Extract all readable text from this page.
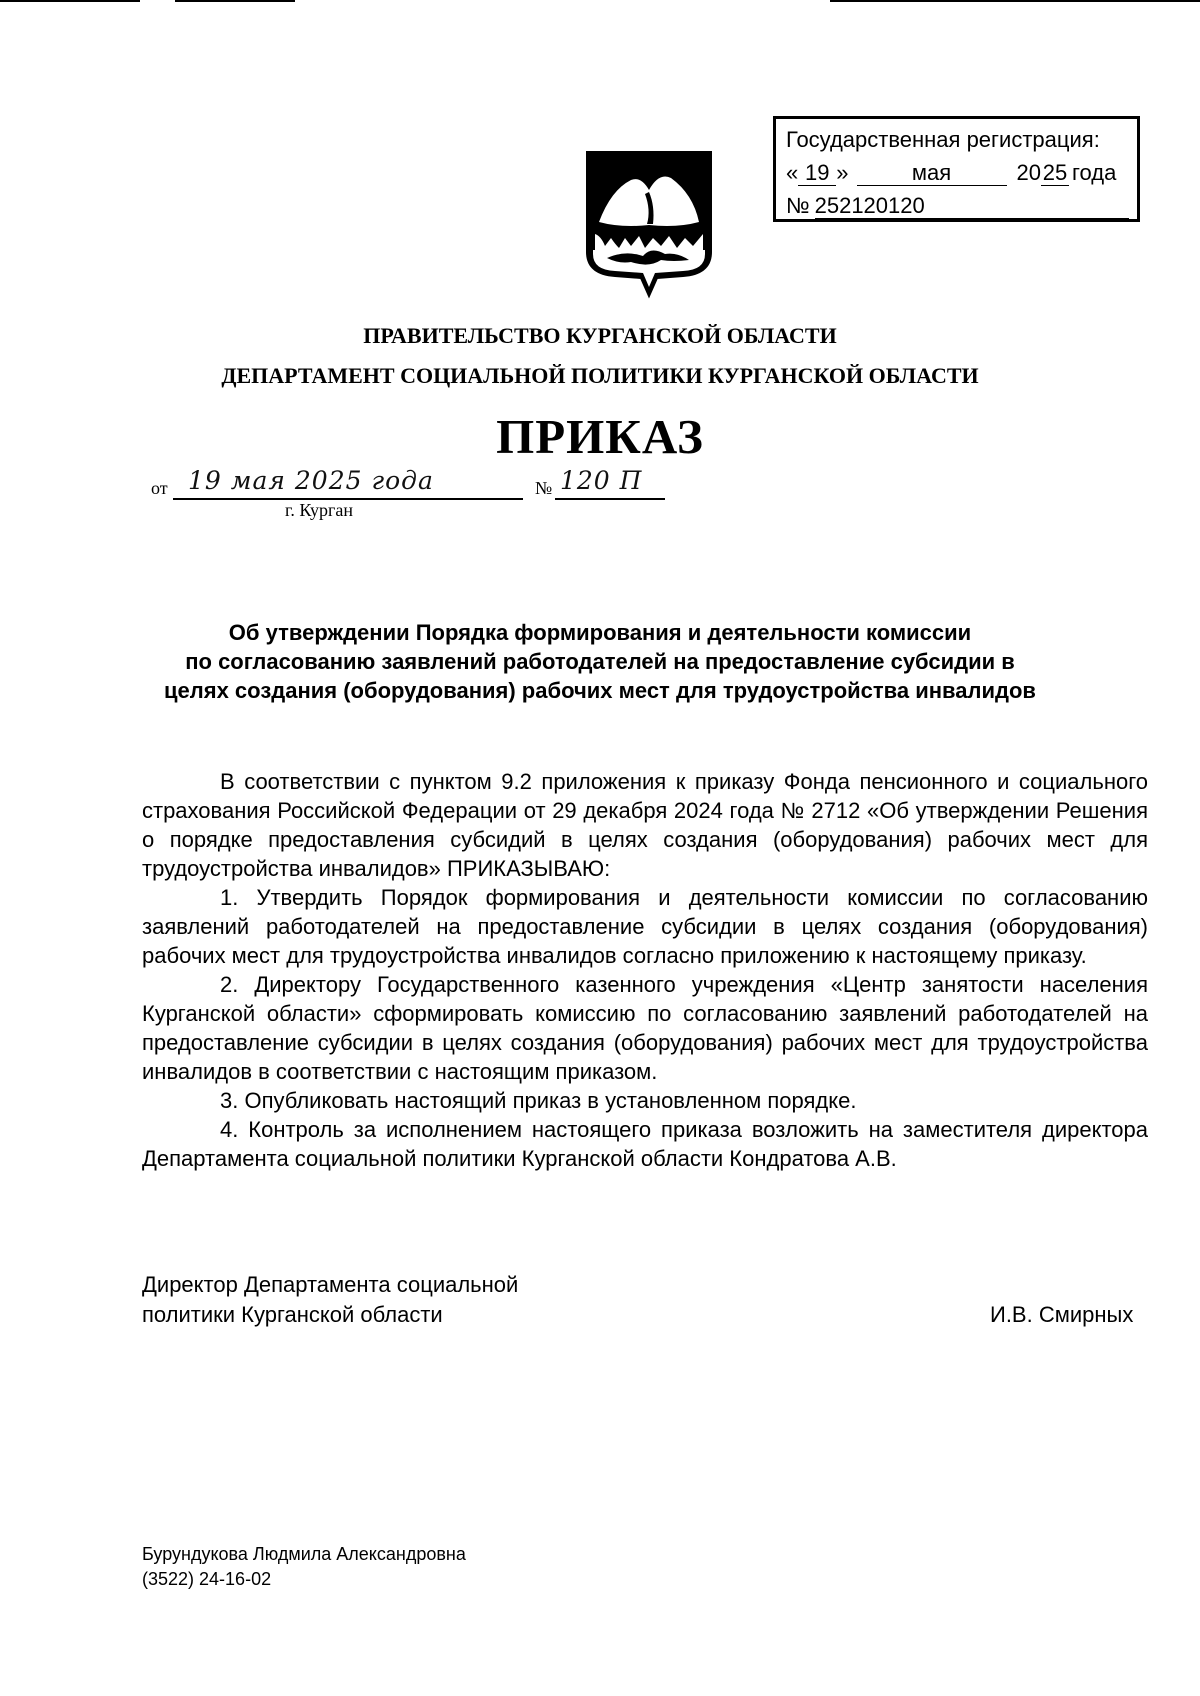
Государственная регистрация:
« 19 »	мая	20 25 года
№ 252120120
ПРАВИТЕЛЬСТВО КУРГАНСКОЙ ОБЛАСТИ
ДЕПАРТАМЕНТ СОЦИАЛЬНОЙ ПОЛИТИКИ КУРГАНСКОЙ ОБЛАСТИ
ПРИКАЗ
от 19 мая 2025 года	№ 120 П
г. Курган
Об утверждении Порядка формирования и деятельности комиссии
по согласованию заявлений работодателей на предоставление субсидии в
целях создания (оборудования) рабочих мест для трудоустройства инвалидов

В соответствии с пунктом 9.2 приложения к приказу Фонда пенсионного и социального страхования Российской Федерации от 29 декабря 2024 года № 2712 «Об утверждении Решения о порядке предоставления субсидий в целях создания (оборудования) рабочих мест для трудоустройства инвалидов» ПРИКАЗЫВАЮ:

1. Утвердить Порядок формирования и деятельности комиссии по согласованию заявлений работодателей на предоставление субсидии в целях создания (оборудования) рабочих мест для трудоустройства инвалидов согласно приложению к настоящему приказу.

2. Директору Государственного казенного учреждения «Центр занятости населения Курганской области» сформировать комиссию по согласованию заявлений работодателей на предоставление субсидии в целях создания (оборудования) рабочих мест для трудоустройства инвалидов в соответствии с настоящим приказом.

3. Опубликовать настоящий приказ в установленном порядке.

4. Контроль за исполнением настоящего приказа возложить на заместителя директора Департамента социальной политики Курганской области Кондратова А.В.

Директор Департамента социальной
политики Курганской области	И.В. Смирных
Бурундукова Людмила Александровна
(3522) 24-16-02
